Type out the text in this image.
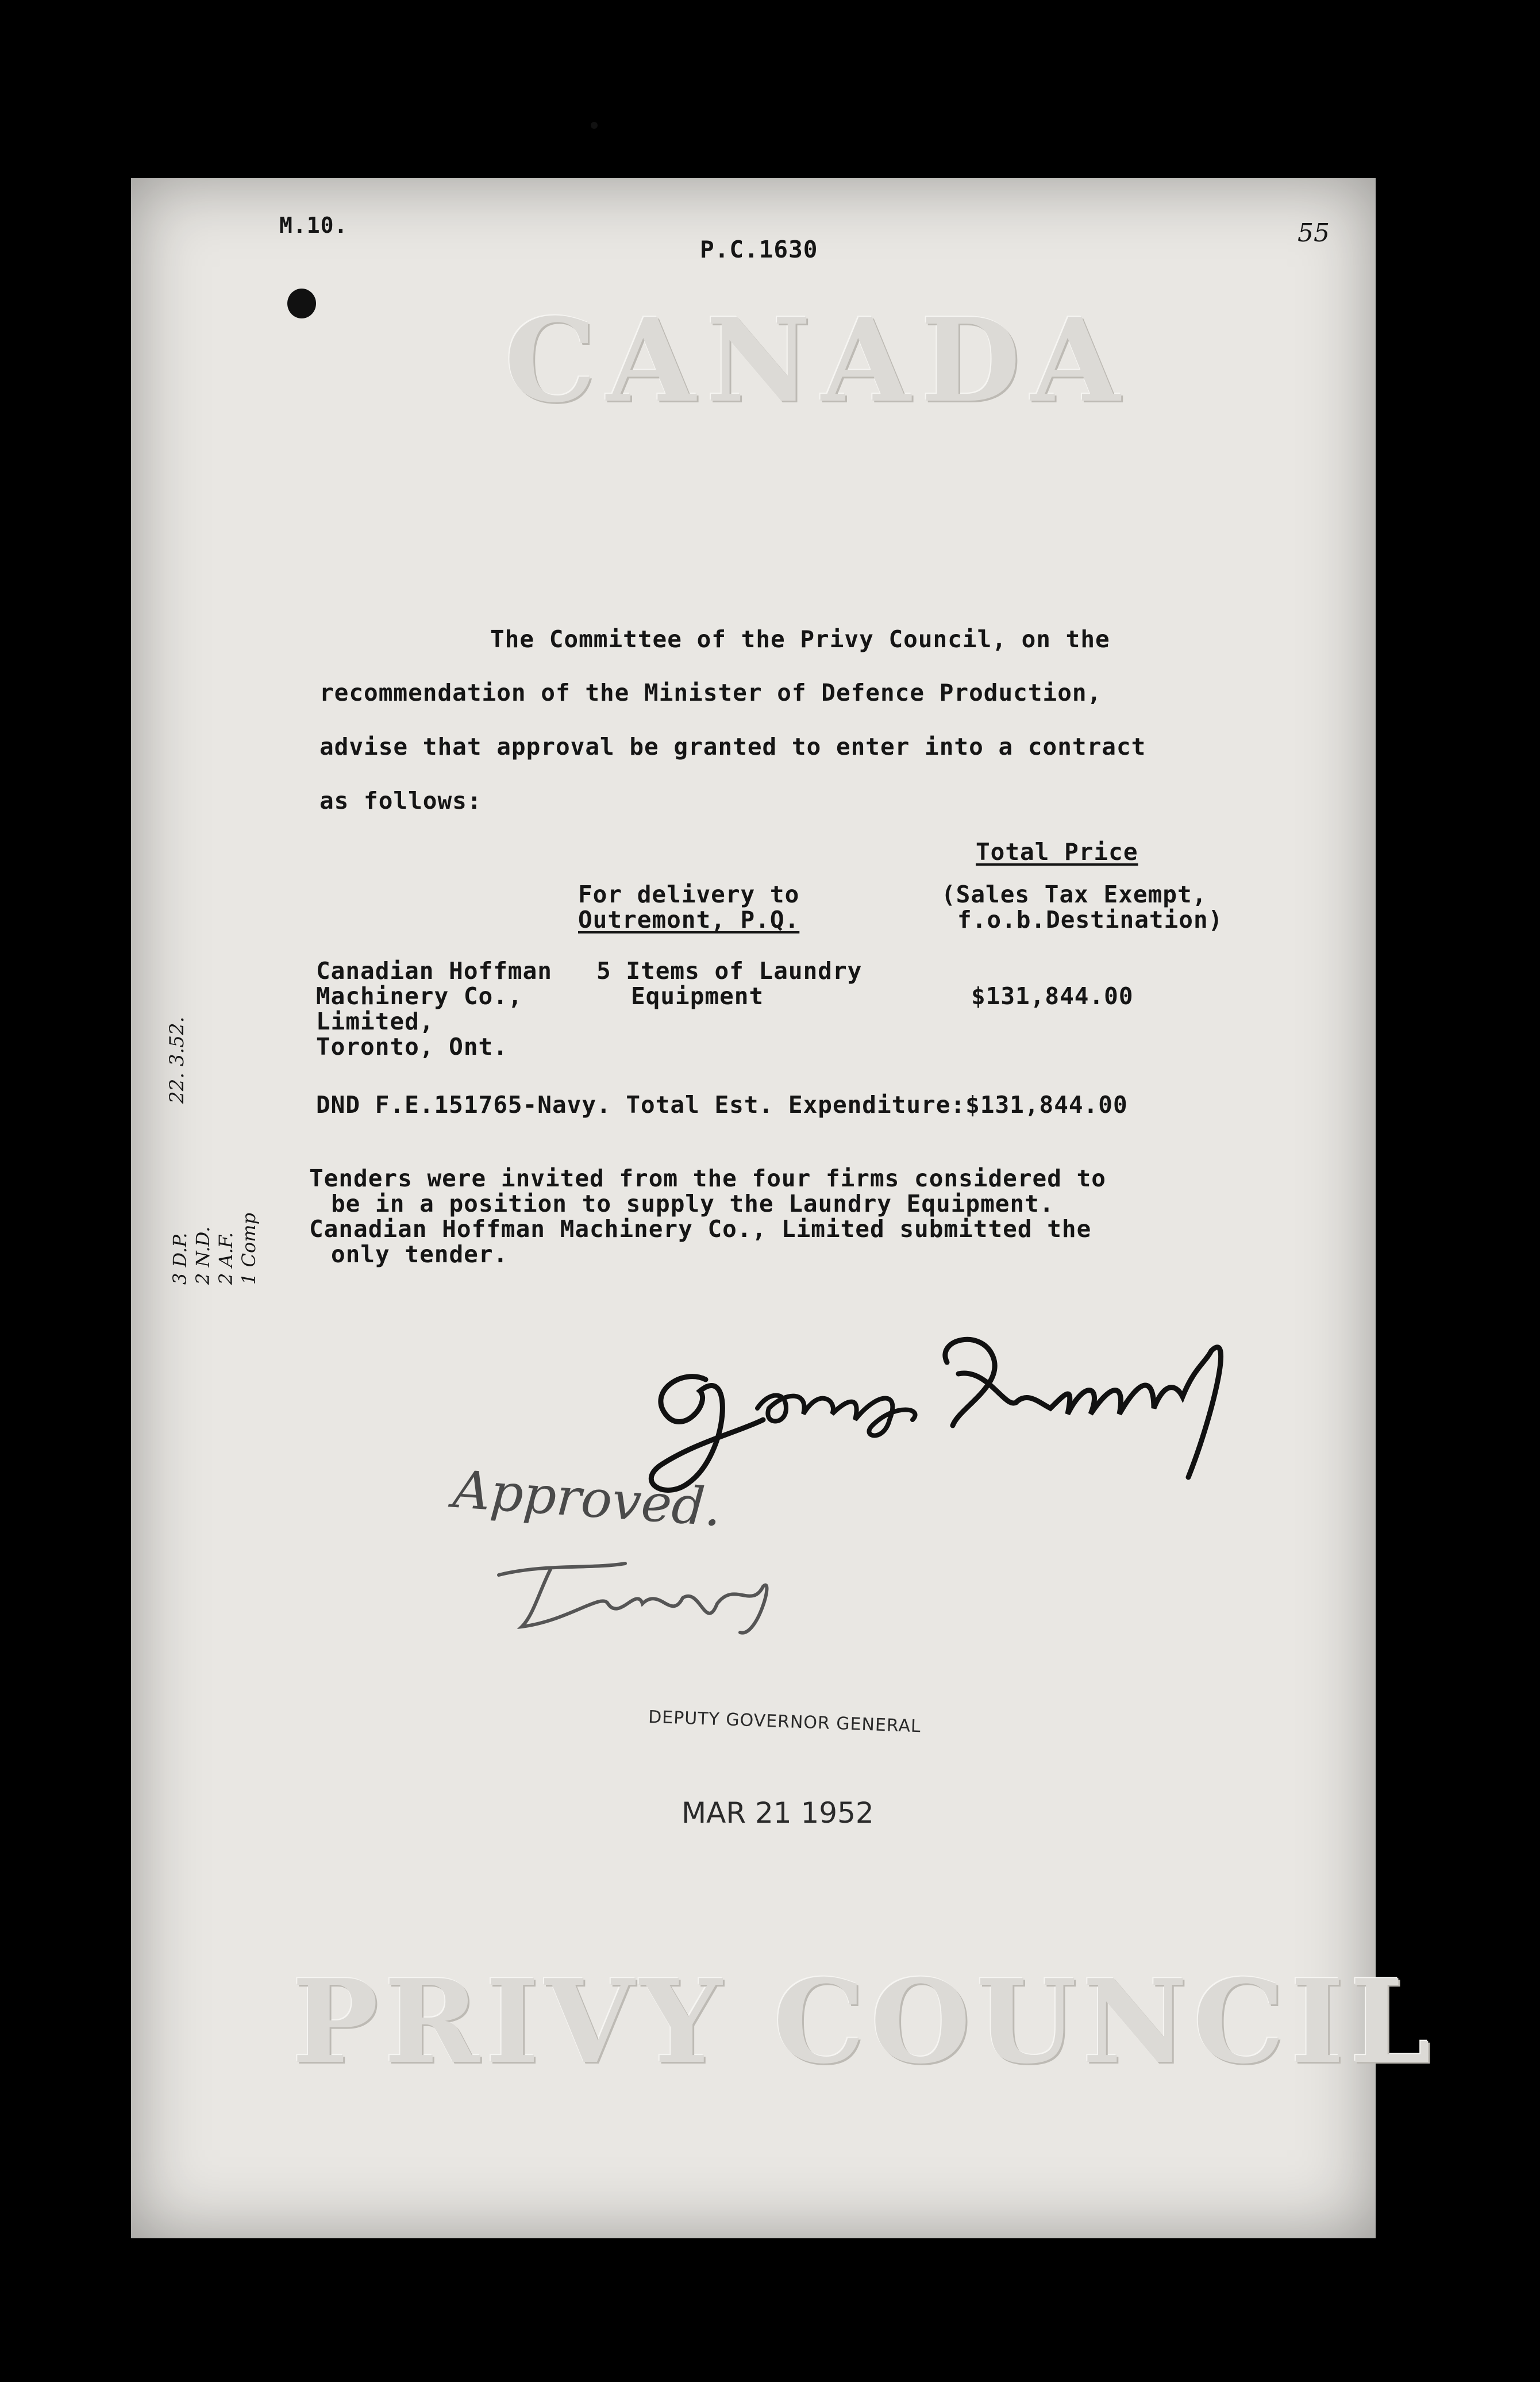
M.10.
P.C.1630
55
CANADA
The Committee of the Privy Council, on the
recommendation of the Minister of Defence Production,
advise that approval be granted to enter into a contract
as follows:
Total Price
For delivery to
Outremont, P.Q.
(Sales Tax Exempt,
f.o.b.Destination)
Canadian Hoffman
Machinery Co.,
Limited,
Toronto, Ont.
5 Items of Laundry
Equipment	$131,844.00
DND F.E.151765-Navy. Total Est. Expenditure:$131,844.00
Tenders were invited from the four firms considered to
be in a position to supply the Laundry Equipment.
Canadian Hoffman Machinery Co., Limited submitted the
only tender.
22. 3.52.
3 D.P. 2 N.D. 2 A.F. 1 Comp
Approved.
DEPUTY GOVERNOR GENERAL
MAR 21 1952
PRIVY COUNCIL
